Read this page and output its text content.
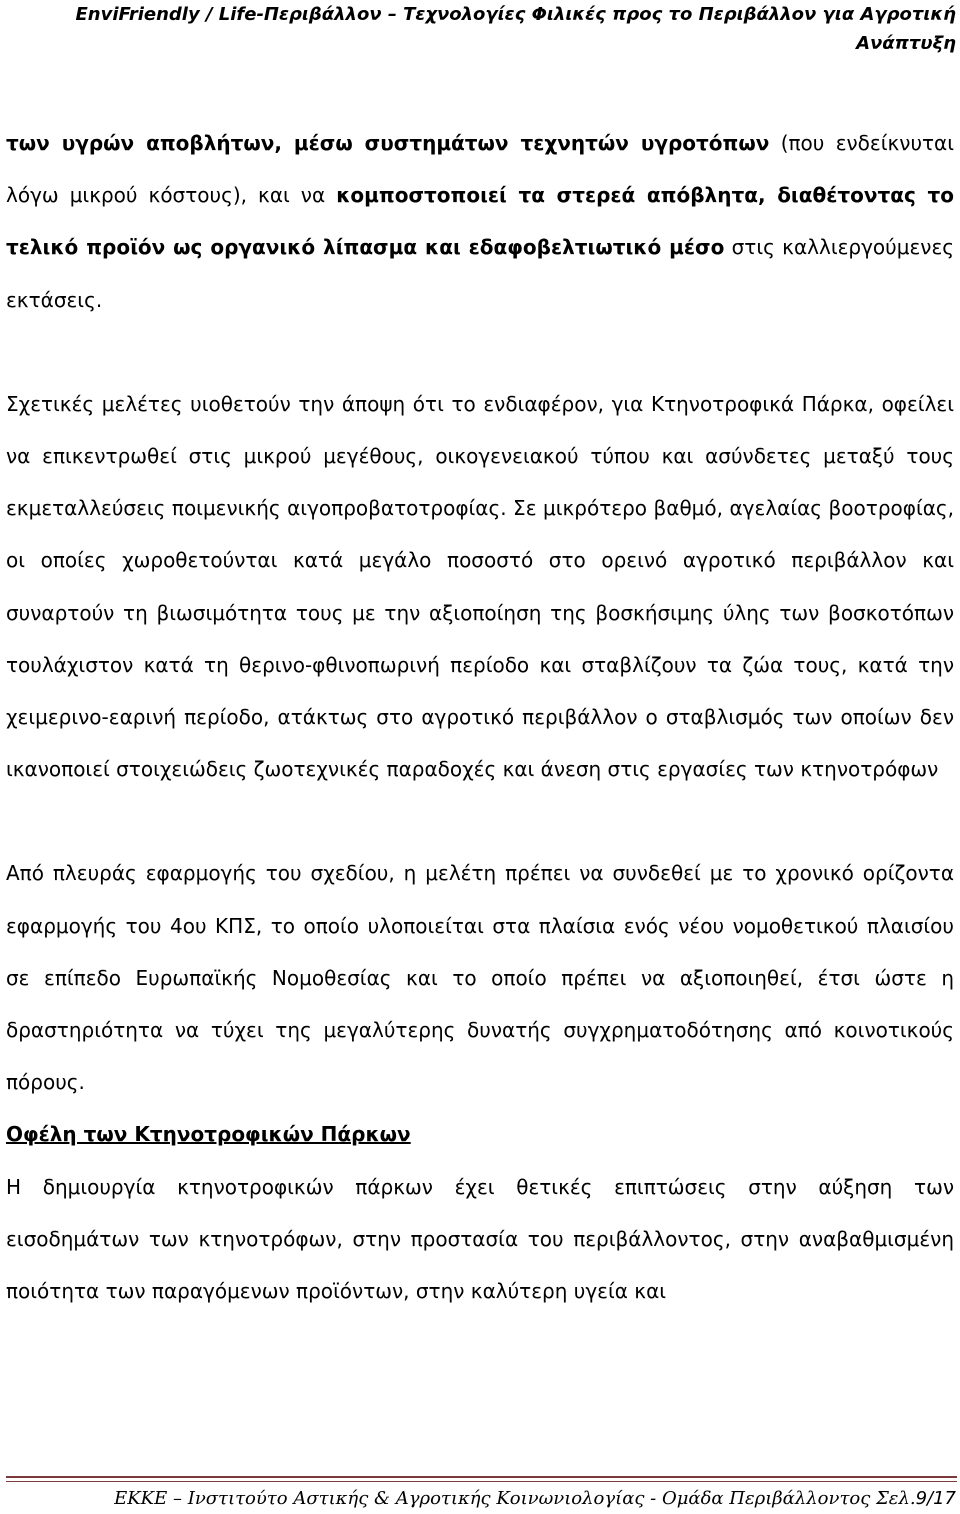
EnviFriendly / Life-Περιβάλλον – Τεχνολογίες Φιλικές προς το Περιβάλλον για Αγροτική
Ανάπτυξη

των υγρών αποβλήτων, μέσω συστημάτων τεχνητών υγροτόπων (που ενδείκνυται λόγω μικρού κόστους), και να κομποστοποιεί τα στερεά απόβλητα, διαθέτοντας το τελικό προϊόν ως οργανικό λίπασμα και εδαφοβελτιωτικό μέσο στις καλλιεργούμενες εκτάσεις.

Σχετικές μελέτες υιοθετούν την άποψη ότι το ενδιαφέρον, για Κτηνοτροφικά Πάρκα, οφείλει να επικεντρωθεί στις μικρού μεγέθους, οικογενειακού τύπου και ασύνδετες μεταξύ τους εκμεταλλεύσεις ποιμενικής αιγοπροβατοτροφίας. Σε μικρότερο βαθμό, αγελαίας βοοτροφίας, οι οποίες χωροθετούνται κατά μεγάλο ποσοστό στο ορεινό αγροτικό περιβάλλον και συναρτούν τη βιωσιμότητα τους με την αξιοποίηση της βοσκήσιμης ύλης των βοσκοτόπων τουλάχιστον κατά τη θερινο-φθινοπωρινή περίοδο και σταβλίζουν τα ζώα τους, κατά την χειμερινο-εαρινή περίοδο, ατάκτως στο αγροτικό περιβάλλον ο σταβλισμός των οποίων δεν ικανοποιεί στοιχειώδεις ζωοτεχνικές παραδοχές και άνεση στις εργασίες των κτηνοτρόφων

Από πλευράς εφαρμογής του σχεδίου, η μελέτη πρέπει να συνδεθεί με το χρονικό ορίζοντα εφαρμογής του 4ου ΚΠΣ, το οποίο υλοποιείται στα πλαίσια ενός νέου νομοθετικού πλαισίου σε επίπεδο Ευρωπαϊκής Νομοθεσίας και το οποίο πρέπει να αξιοποιηθεί, έτσι ώστε η δραστηριότητα να τύχει της μεγαλύτερης δυνατής συγχρηματοδότησης από κοινοτικούς πόρους.

Οφέλη των Κτηνοτροφικών Πάρκων

Η δημιουργία κτηνοτροφικών πάρκων έχει θετικές επιπτώσεις στην αύξηση των εισοδημάτων των κτηνοτρόφων, στην προστασία του περιβάλλοντος, στην αναβαθμισμένη ποιότητα των παραγόμενων προϊόντων, στην καλύτερη υγεία και

ΕΚΚΕ – Ινστιτούτο Αστικής & Αγροτικής Κοινωνιολογίας - Ομάδα Περιβάλλοντος Σελ.9/17
